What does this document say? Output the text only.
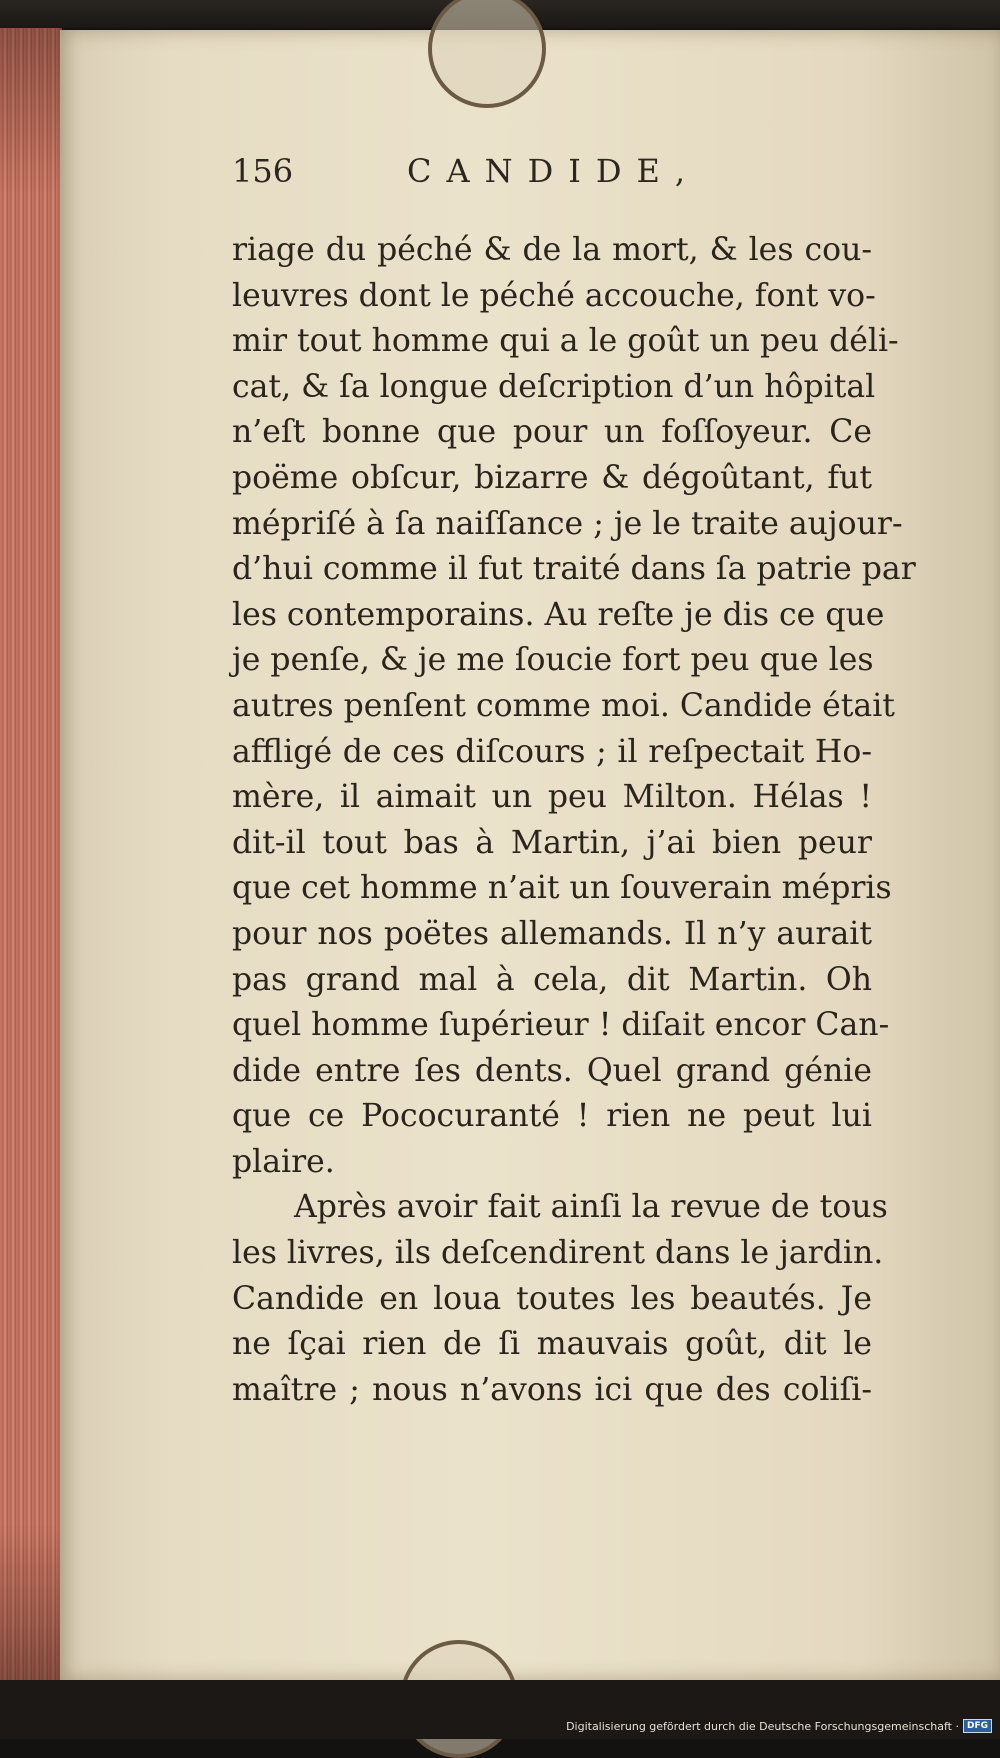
156	CANDIDE,
riage du péché & de la mort, & les cou-
leuvres dont le péché accouche, font vo-
mir tout homme qui a le goût un peu déli-
cat, & ſa longue deſcription d’un hôpital
n’eſt bonne que pour un foſſoyeur. Ce
poëme obſcur, bizarre & dégoûtant, fut
mépriſé à ſa naiſſance ; je le traite aujour-
d’hui comme il fut traité dans ſa patrie par
les contemporains. Au reſte je dis ce que
je penſe, & je me ſoucie fort peu que les
autres penſent comme moi. Candide était
affligé de ces diſcours ; il reſpectait Ho-
mère, il aimait un peu Milton. Hélas !
dit-il tout bas à Martin, j’ai bien peur
que cet homme n’ait un ſouverain mépris
pour nos poëtes allemands. Il n’y aurait
pas grand mal à cela, dit Martin. Oh
quel homme ſupérieur ! diſait encor Can-
dide entre ſes dents. Quel grand génie
que ce Pococuranté ! rien ne peut lui
plaire.
Après avoir fait ainſi la revue de tous
les livres, ils deſcendirent dans le jardin.
Candide en loua toutes les beautés. Je
ne ſçai rien de ſi mauvais goût, dit le
maître ; nous n’avons ici que des coliſi-

Digitalisierung gefördert durch die Deutsche Forschungsgemeinschaft · DFG
